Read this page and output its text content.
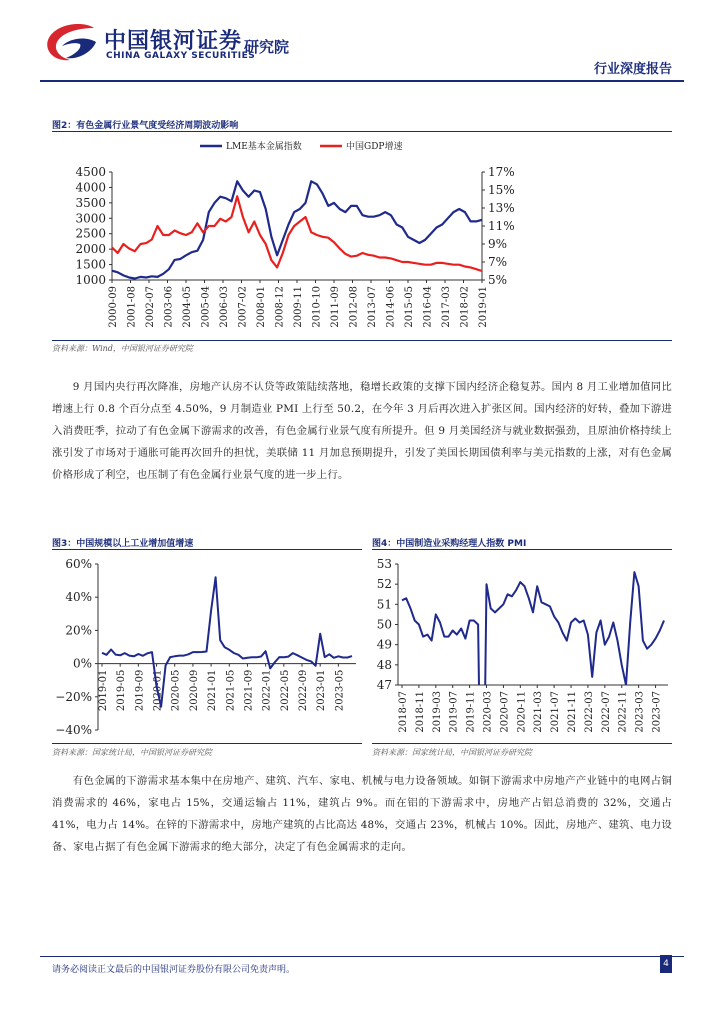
中国银河证券
CHINA GALAXY SECURITIES
研究院
行业深度报告
图2：有色金属行业景气度受经济周期波动影响
LME基本金属指数	中国GDP增速
1000
1500
2000
2500
3000
3500
4000
4500
5%
7%
9%
11%
13%
15%
17%
2000-09 2001-08 2002-07 2003-06 2004-05 2005-04 2006-03 2007-02 2008-01 2008-12 2009-11 2010-10 2011-09 2012-08 2013-07 2014-06 2015-05 2016-04 2017-03 2018-02 2019-01
资料来源：Wind，中国银河证券研究院
9 月国内央行再次降准，房地产认房不认贷等政策陆续落地，稳增长政策的支撑下国内经济企稳复苏。国内 8 月工业增加值同比增速上行 0.8 个百分点至 4.50%，9 月制造业 PMI 上行至 50.2，在今年 3 月后再次进入扩张区间。国内经济的好转，叠加下游进入消费旺季，拉动了有色金属下游需求的改善，有色金属行业景气度有所提升。但 9 月美国经济与就业数据强劲，且原油价格持续上涨引发了市场对于通胀可能再次回升的担忧，美联储 11 月加息预期提升，引发了美国长期国债利率与美元指数的上涨，对有色金属价格形成了利空，也压制了有色金属行业景气度的进一步上行。
图3：中国规模以上工业增加值增速
60%
40%
20%
0%
−20%
−40%
2019-01 2019-05 2019-09 2020-01 2020-05 2020-09 2021-01 2021-05 2021-09 2022-01 2022-05 2022-09 2023-01 2023-05
资料来源：国家统计局，中国银河证券研究院
图4：中国制造业采购经理人指数 PMI
53
52
51
50
49
48
47
2018-07 2018-11 2019-03 2019-07 2019-11 2020-03 2020-07 2020-11 2021-03 2021-07 2021-11 2022-03 2022-07 2022-11 2023-03 2023-07
资料来源：国家统计局，中国银河证券研究院
有色金属的下游需求基本集中在房地产、建筑、汽车、家电、机械与电力设备领域。如铜下游需求中房地产产业链中的电网占铜消费需求的 46%，家电占 15%，交通运输占 11%，建筑占 9%。而在铝的下游需求中，房地产占铝总消费的 32%，交通占 41%，电力占 14%。在锌的下游需求中，房地产建筑的占比高达 48%，交通占 23%，机械占 10%。因此，房地产、建筑、电力设备、家电占据了有色金属下游需求的绝大部分，决定了有色金属需求的走向。
请务必阅读正文最后的中国银河证券股份有限公司免责声明。
4
